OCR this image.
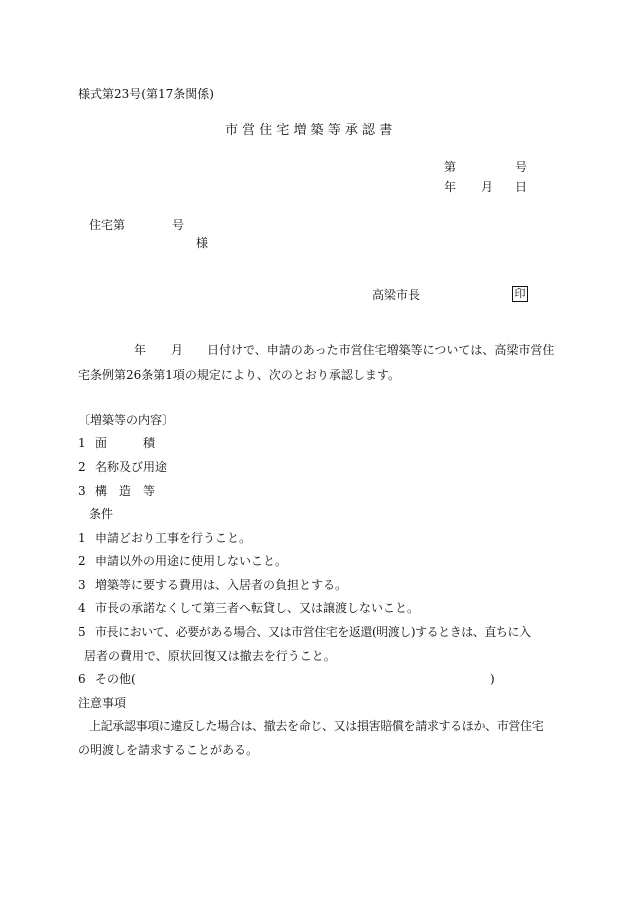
様式第23号(第17条関係)
市 営 住 宅 増 築 等 承 認 書
第	号
年 月 日
住宅第	号
様
高梁市長	印
年 月 日付けで、申請のあった市営住宅増築等については、高梁市営住
宅条例第26条第1項の規定により、次のとおり承認します。
〔増築等の内容〕
1 面　　　積
2 名称及び用途
3 構　造　等
条件
1 申請どおり工事を行うこと。
2 申請以外の用途に使用しないこと。
3 増築等に要する費用は、入居者の負担とする。
4 市長の承諾なくして第三者へ転貸し、又は譲渡しないこと。
5 市長において、必要がある場合、又は市営住宅を返還(明渡し)するときは、直ちに入
居者の費用で、原状回復又は撤去を行うこと。
6 その他(	)
注意事項
上記承認事項に違反した場合は、撤去を命じ、又は損害賠償を請求するほか、市営住宅
の明渡しを請求することがある。
